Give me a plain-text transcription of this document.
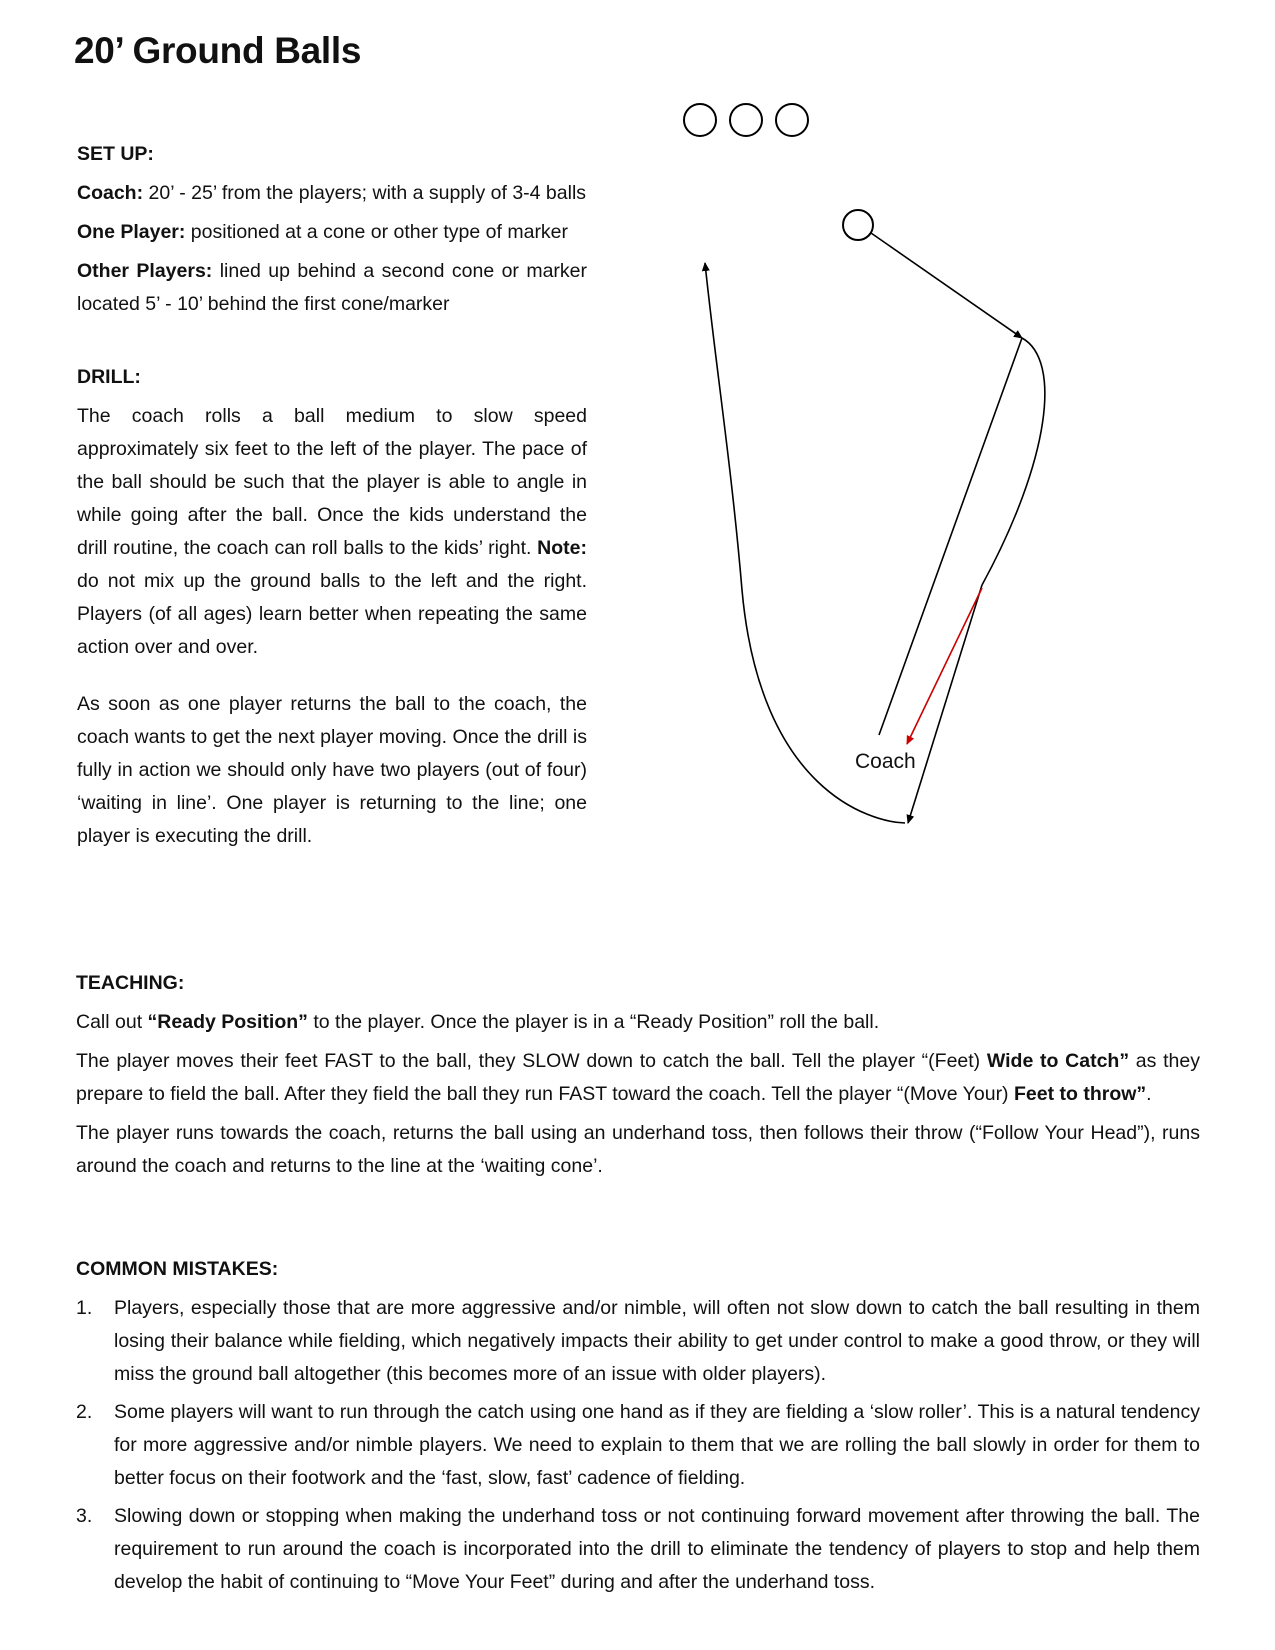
20’ Ground Balls

SET UP:

Coach: 20’ - 25’ from the players; with a supply of 3-4 balls

One Player: positioned at a cone or other type of marker

Other Players: lined up behind a second cone or marker located 5’ - 10’ behind the first cone/marker

DRILL:

The coach rolls a ball medium to slow speed approximately six feet to the left of the player. The pace of the ball should be such that the player is able to angle in while going after the ball. Once the kids understand the drill routine, the coach can roll balls to the kids’ right. Note: do not mix up the ground balls to the left and the right. Players (of all ages) learn better when repeating the same action over and over.

As soon as one player returns the ball to the coach, the coach wants to get the next player moving. Once the drill is fully in action we should only have two players (out of four) ‘waiting in line’. One player is returning to the line; one player is executing the drill.

Coach

TEACHING:

Call out “Ready Position” to the player. Once the player is in a “Ready Position” roll the ball.

The player moves their feet FAST to the ball, they SLOW down to catch the ball. Tell the player “(Feet) Wide to Catch” as they prepare to field the ball. After they field the ball they run FAST toward the coach. Tell the player “(Move Your) Feet to throw”.

The player runs towards the coach, returns the ball using an underhand toss, then follows their throw (“Follow Your Head”), runs around the coach and returns to the line at the ‘waiting cone’.

COMMON MISTAKES:

1. Players, especially those that are more aggressive and/or nimble, will often not slow down to catch the ball resulting in them losing their balance while fielding, which negatively impacts their ability to get under control to make a good throw, or they will miss the ground ball altogether (this becomes more of an issue with older players).
2. Some players will want to run through the catch using one hand as if they are fielding a ‘slow roller’. This is a natural tendency for more aggressive and/or nimble players. We need to explain to them that we are rolling the ball slowly in order for them to better focus on their footwork and the ‘fast, slow, fast’ cadence of fielding.
3. Slowing down or stopping when making the underhand toss or not continuing forward movement after throwing the ball. The requirement to run around the coach is incorporated into the drill to eliminate the tendency of players to stop and help them develop the habit of continuing to “Move Your Feet” during and after the underhand toss.
